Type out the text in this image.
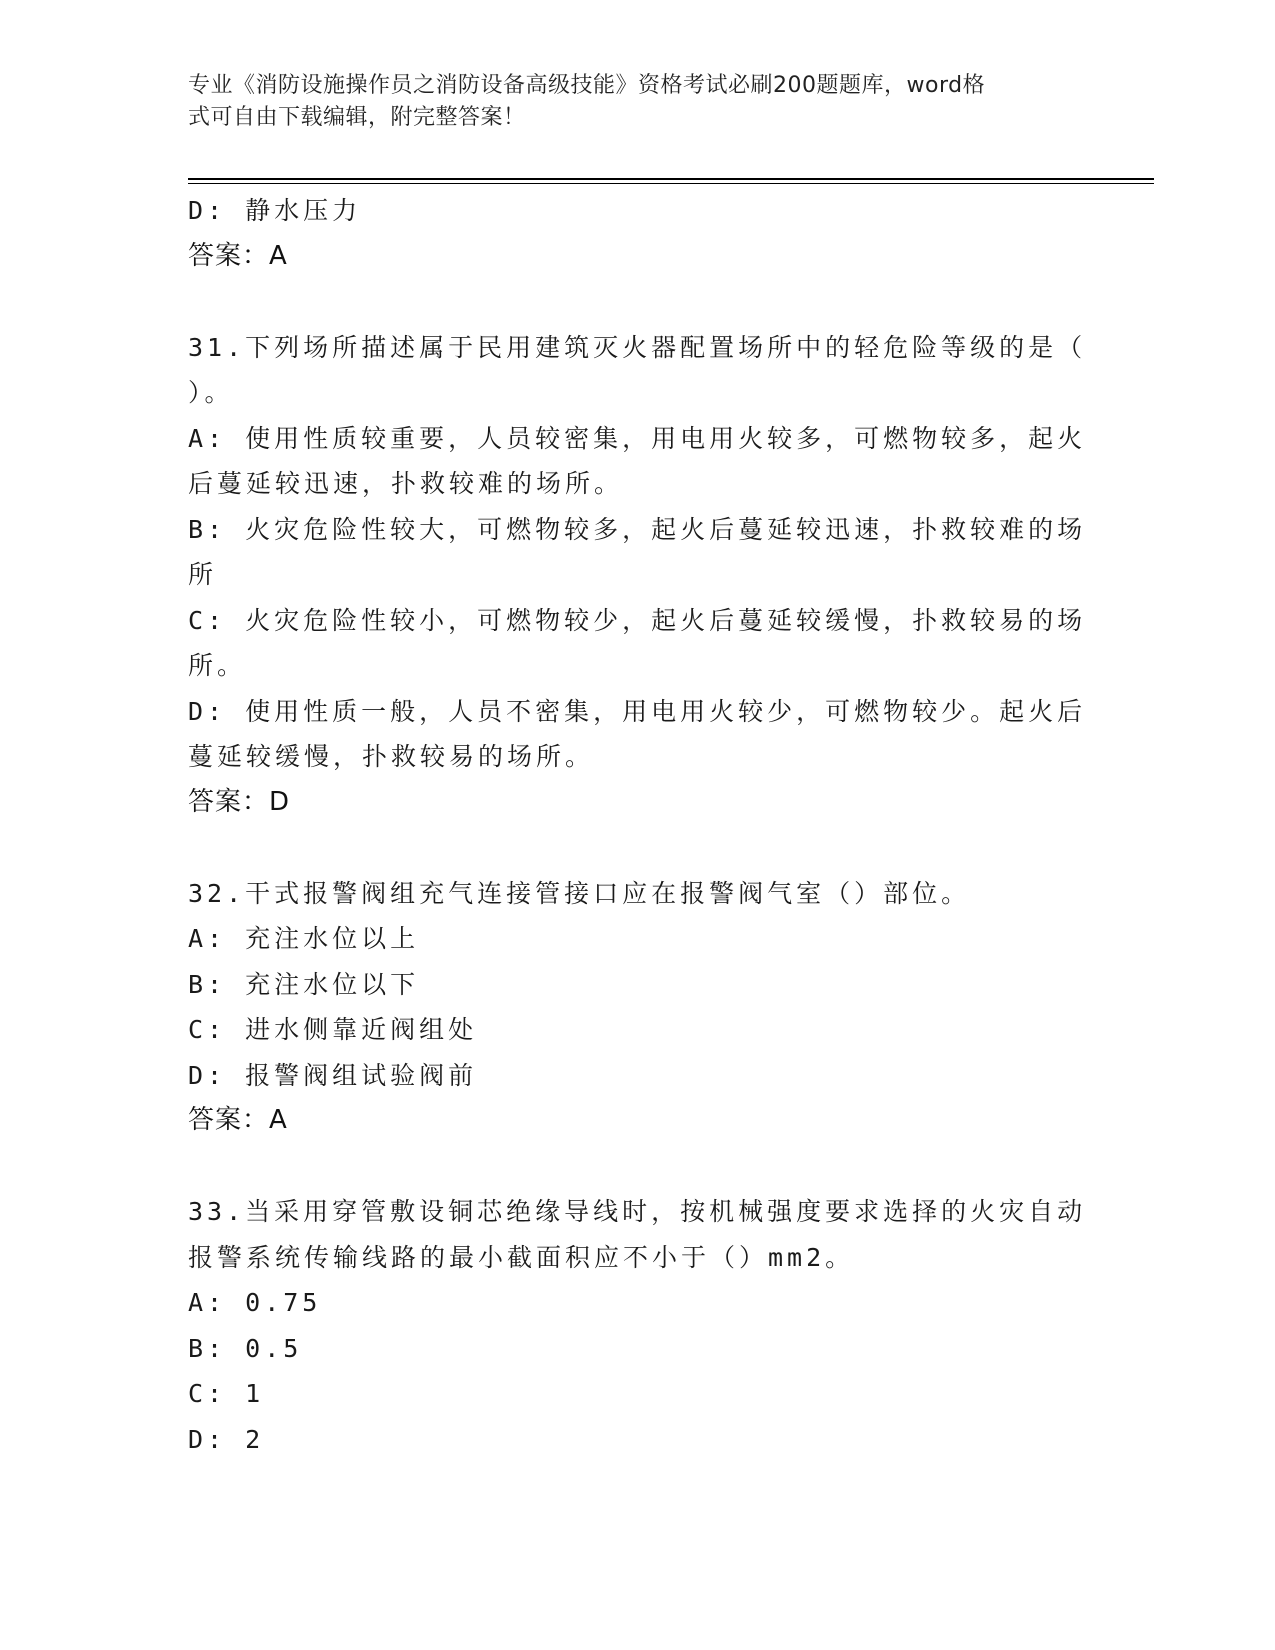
专业《消防设施操作员之消防设备高级技能》资格考试必刷200题题库，word格
式可自由下载编辑，附完整答案！
D: 静水压力
答案：A
31.下列场所描述属于民用建筑灭火器配置场所中的轻危险等级的是（
）。
A: 使用性质较重要，人员较密集，用电用火较多，可燃物较多，起火
后蔓延较迅速，扑救较难的场所。
B: 火灾危险性较大，可燃物较多，起火后蔓延较迅速，扑救较难的场
所
C: 火灾危险性较小，可燃物较少，起火后蔓延较缓慢，扑救较易的场
所。
D: 使用性质一般，人员不密集，用电用火较少，可燃物较少。起火后
蔓延较缓慢，扑救较易的场所。
答案：D
32.干式报警阀组充气连接管接口应在报警阀气室（）部位。
A: 充注水位以上
B: 充注水位以下
C: 进水侧靠近阀组处
D: 报警阀组试验阀前
答案：A
33.当采用穿管敷设铜芯绝缘导线时，按机械强度要求选择的火灾自动
报警系统传输线路的最小截面积应不小于（）mm2。
A: 0.75
B: 0.5
C: 1
D: 2
